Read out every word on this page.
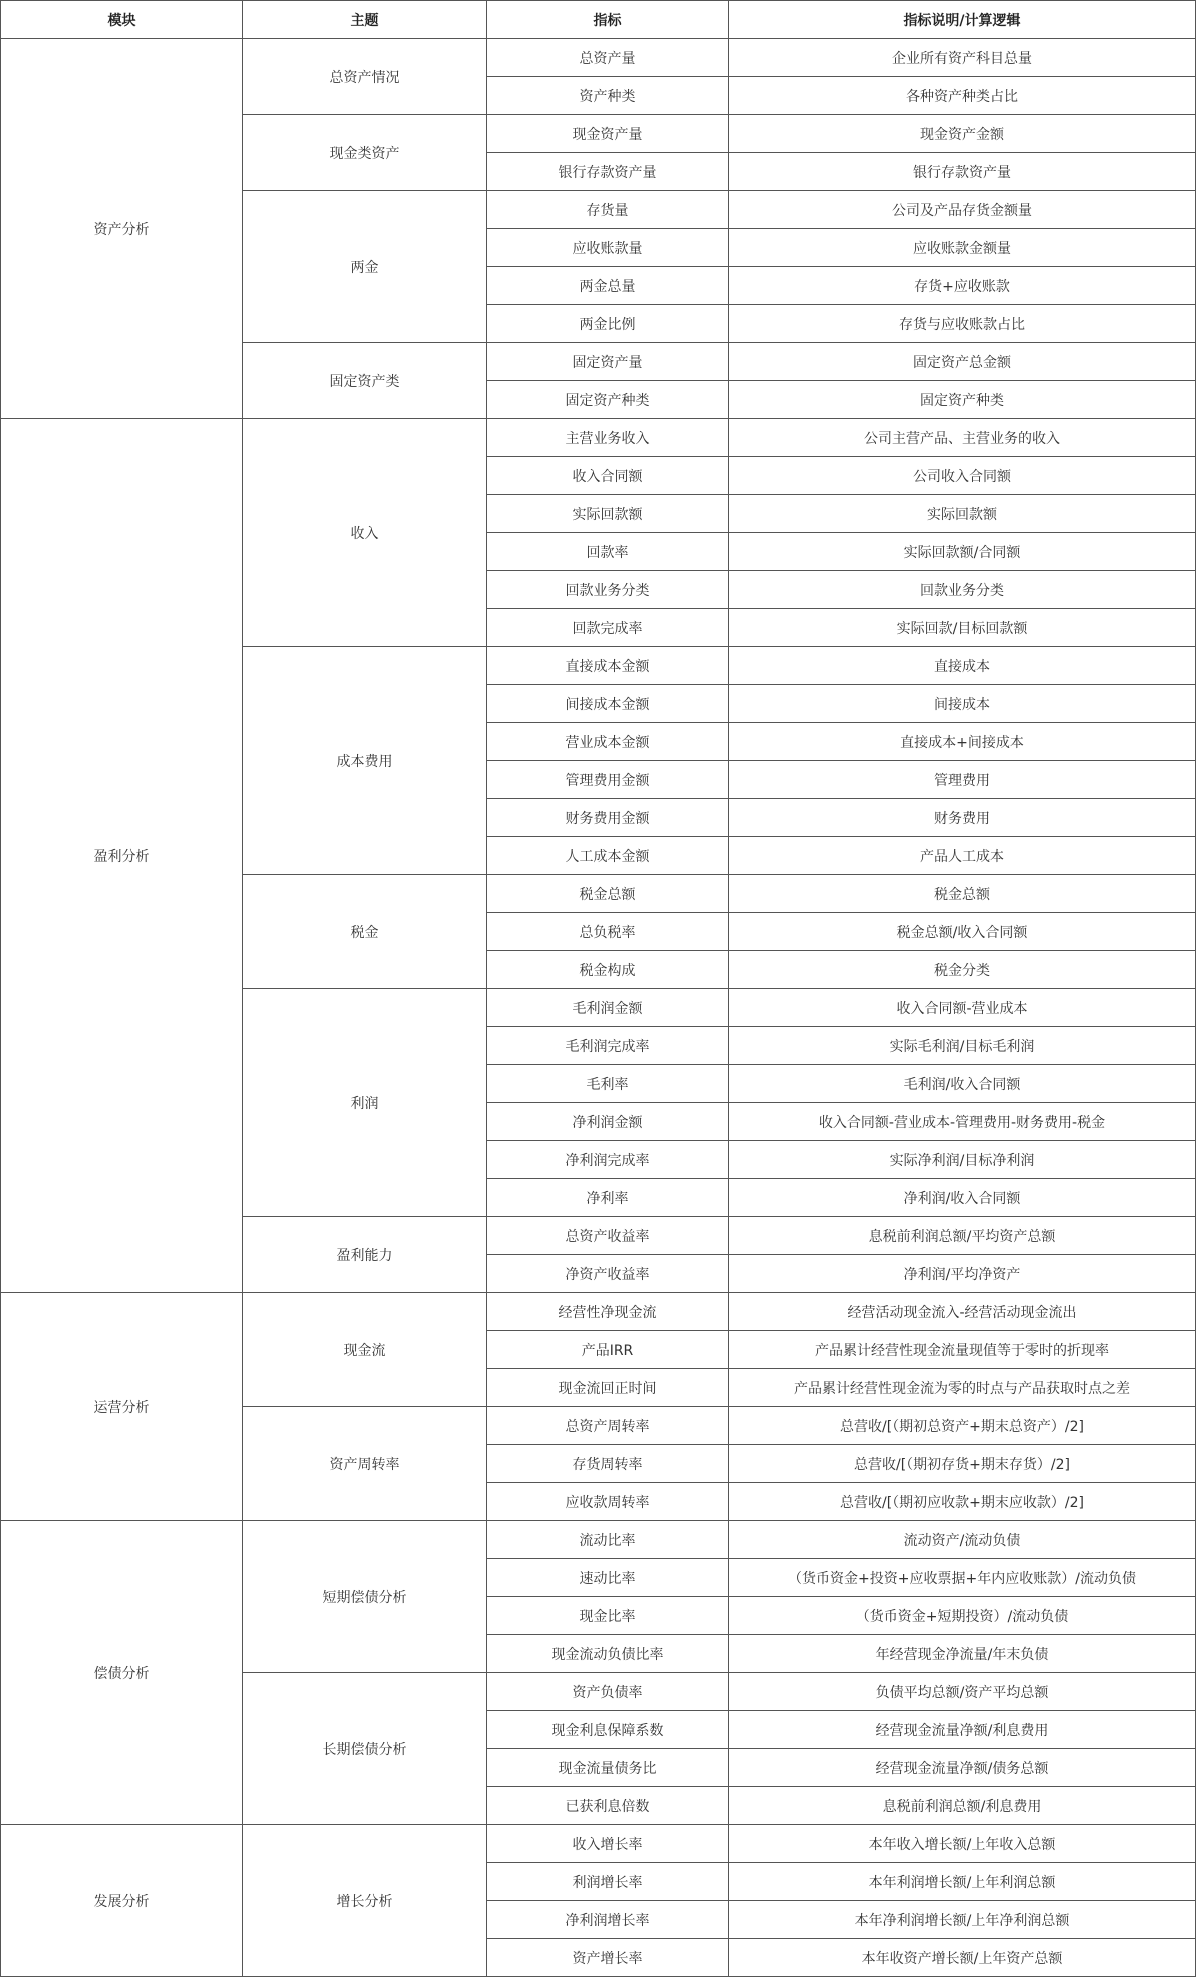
模块	主题	指标	指标说明/计算逻辑
资产分析	总资产情况	总资产量	企业所有资产科目总量
		资产种类	各种资产种类占比
	现金类资产	现金资产量	现金资产金额
		银行存款资产量	银行存款资产量
	两金	存货量	公司及产品存货金额量
		应收账款量	应收账款金额量
		两金总量	存货+应收账款
		两金比例	存货与应收账款占比
	固定资产类	固定资产量	固定资产总金额
		固定资产种类	固定资产种类
盈利分析	收入	主营业务收入	公司主营产品、主营业务的收入
		收入合同额	公司收入合同额
		实际回款额	实际回款额
		回款率	实际回款额/合同额
		回款业务分类	回款业务分类
		回款完成率	实际回款/目标回款额
	成本费用	直接成本金额	直接成本
		间接成本金额	间接成本
		营业成本金额	直接成本+间接成本
		管理费用金额	管理费用
		财务费用金额	财务费用
		人工成本金额	产品人工成本
	税金	税金总额	税金总额
		总负税率	税金总额/收入合同额
		税金构成	税金分类
	利润	毛利润金额	收入合同额-营业成本
		毛利润完成率	实际毛利润/目标毛利润
		毛利率	毛利润/收入合同额
		净利润金额	收入合同额-营业成本-管理费用-财务费用-税金
		净利润完成率	实际净利润/目标净利润
		净利率	净利润/收入合同额
	盈利能力	总资产收益率	息税前利润总额/平均资产总额
		净资产收益率	净利润/平均净资产
运营分析	现金流	经营性净现金流	经营活动现金流入-经营活动现金流出
		产品IRR	产品累计经营性现金流量现值等于零时的折现率
		现金流回正时间	产品累计经营性现金流为零的时点与产品获取时点之差
	资产周转率	总资产周转率	总营收/[（期初总资产+期末总资产）/2]
		存货周转率	总营收/[（期初存货+期末存货）/2]
		应收款周转率	总营收/[（期初应收款+期末应收款）/2]
偿债分析	短期偿债分析	流动比率	流动资产/流动负债
		速动比率	（货币资金+投资+应收票据+年内应收账款）/流动负债
		现金比率	（货币资金+短期投资）/流动负债
		现金流动负债比率	年经营现金净流量/年末负债
	长期偿债分析	资产负债率	负债平均总额/资产平均总额
		现金利息保障系数	经营现金流量净额/利息费用
		现金流量债务比	经营现金流量净额/债务总额
		已获利息倍数	息税前利润总额/利息费用
发展分析	增长分析	收入增长率	本年收入增长额/上年收入总额
		利润增长率	本年利润增长额/上年利润总额
		净利润增长率	本年净利润增长额/上年净利润总额
		资产增长率	本年收资产增长额/上年资产总额
